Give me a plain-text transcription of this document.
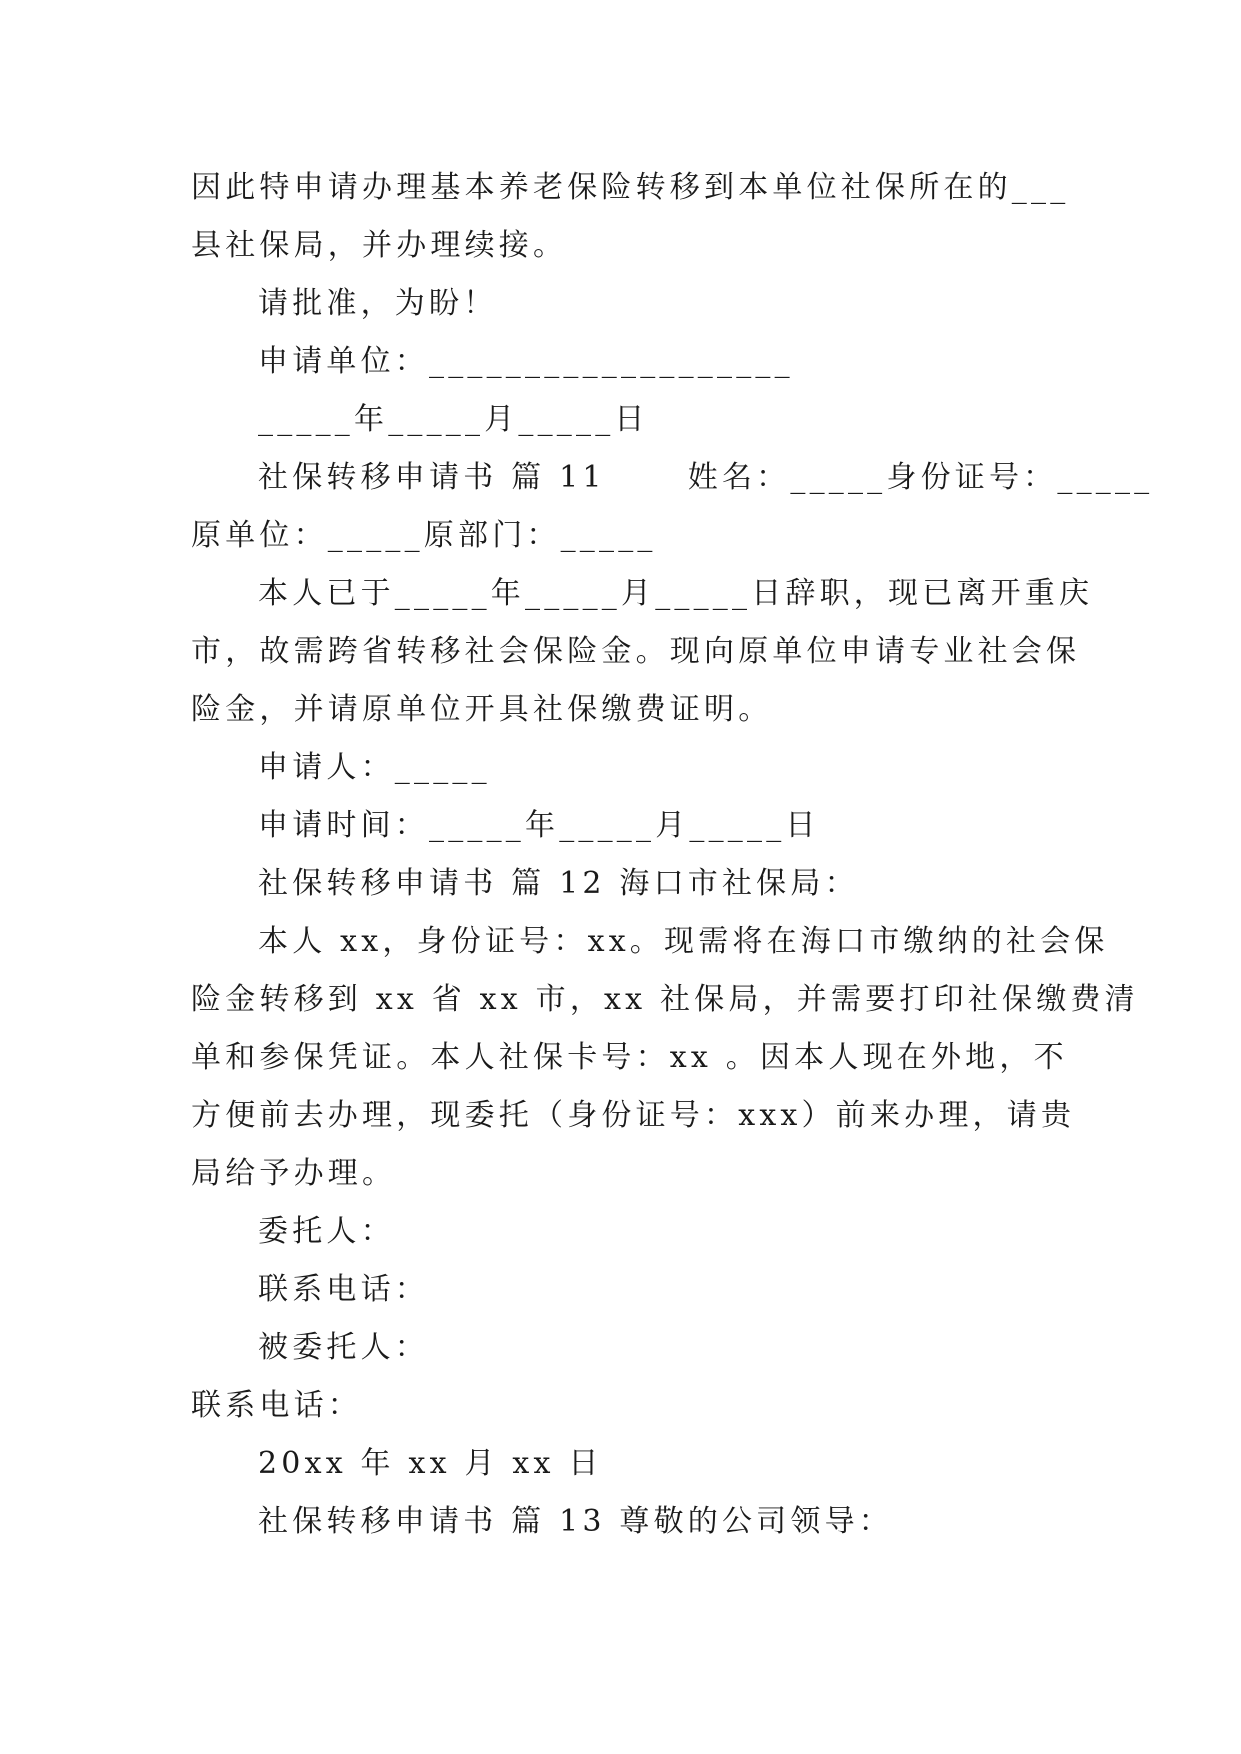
因此特申请办理基本养老保险转移到本单位社保所在的___
县社保局，并办理续接。
请批准，为盼！
申请单位：___________________
_____年_____月_____日
社保转移申请书 篇 11　　 姓名：_____身份证号：_____
原单位：_____原部门：_____
本人已于_____年_____月_____日辞职，现已离开重庆
市，故需跨省转移社会保险金。现向原单位申请专业社会保
险金，并请原单位开具社保缴费证明。
申请人：_____
申请时间：_____年_____月_____日
社保转移申请书 篇 12 海口市社保局：
本人 xx，身份证号：xx。现需将在海口市缴纳的社会保
险金转移到 xx 省 xx 市，xx 社保局，并需要打印社保缴费清
单和参保凭证。本人社保卡号：xx 。因本人现在外地，不
方便前去办理，现委托（身份证号：xxx）前来办理，请贵
局给予办理。
委托人：
联系电话：
被委托人：
联系电话：
20xx 年 xx 月 xx 日
社保转移申请书 篇 13 尊敬的公司领导：
